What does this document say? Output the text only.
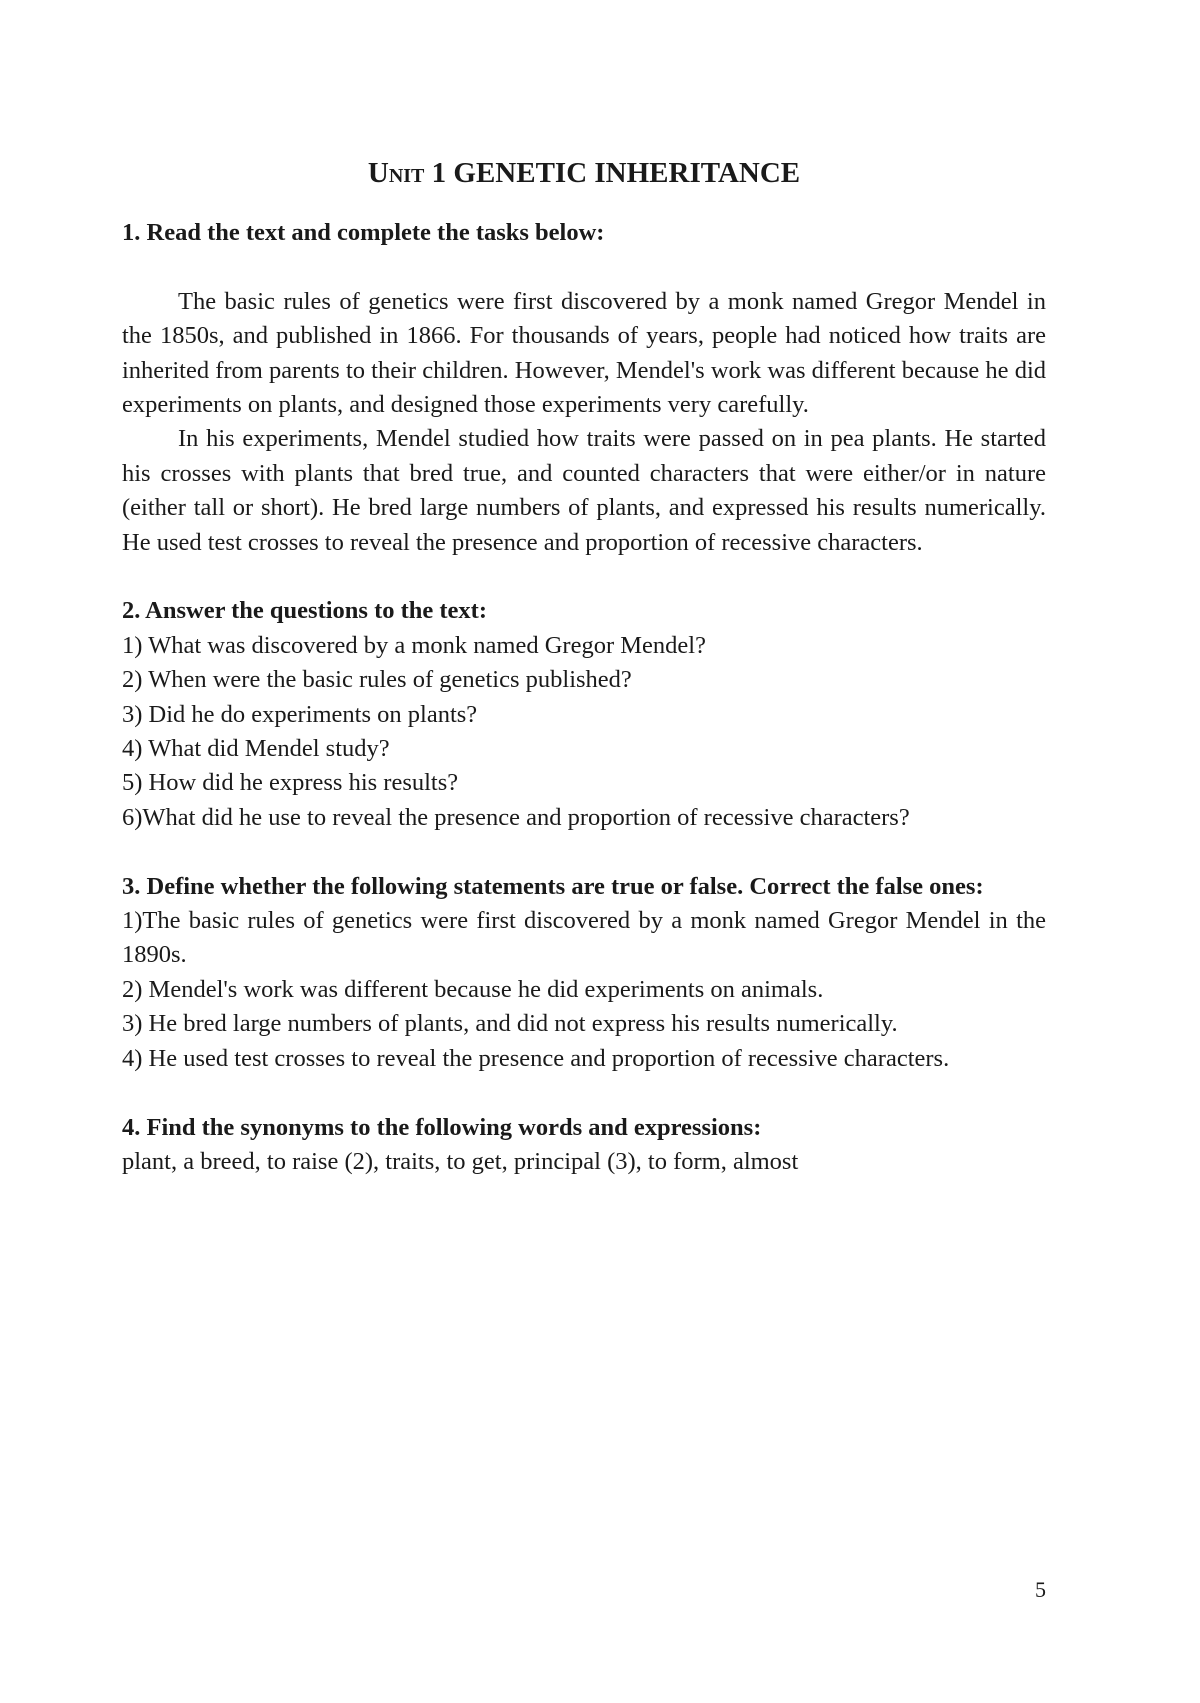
Unit 1 GENETIC INHERITANCE

1. Read the text and complete the tasks below:

The basic rules of genetics were first discovered by a monk named Gregor Mendel in the 1850s, and published in 1866. For thousands of years, people had noticed how traits are inherited from parents to their children. However, Mendel's work was different because he did experiments on plants, and designed those experiments very carefully.

In his experiments, Mendel studied how traits were passed on in pea plants. He started his crosses with plants that bred true, and counted characters that were either/or in nature (either tall or short). He bred large numbers of plants, and expressed his results numerically. He used test crosses to reveal the presence and proportion of recessive characters.

2. Answer the questions to the text:

1) What was discovered by a monk named Gregor Mendel?
2) When were the basic rules of genetics published?
3) Did he do experiments on plants?
4) What did Mendel study?
5) How did he express his results?
6)What did he use to reveal the presence and proportion of recessive characters?

3. Define whether the following statements are true or false. Correct the false ones:

1)The basic rules of genetics were first discovered by a monk named Gregor Mendel in the 1890s.
2) Mendel's work was different because he did experiments on animals.
3) He bred large numbers of plants, and did not express his results numerically.
4) He used test crosses to reveal the presence and proportion of recessive characters.

4. Find the synonyms to the following words and expressions:

plant, a breed, to raise (2), traits, to get, principal (3), to form, almost

5
